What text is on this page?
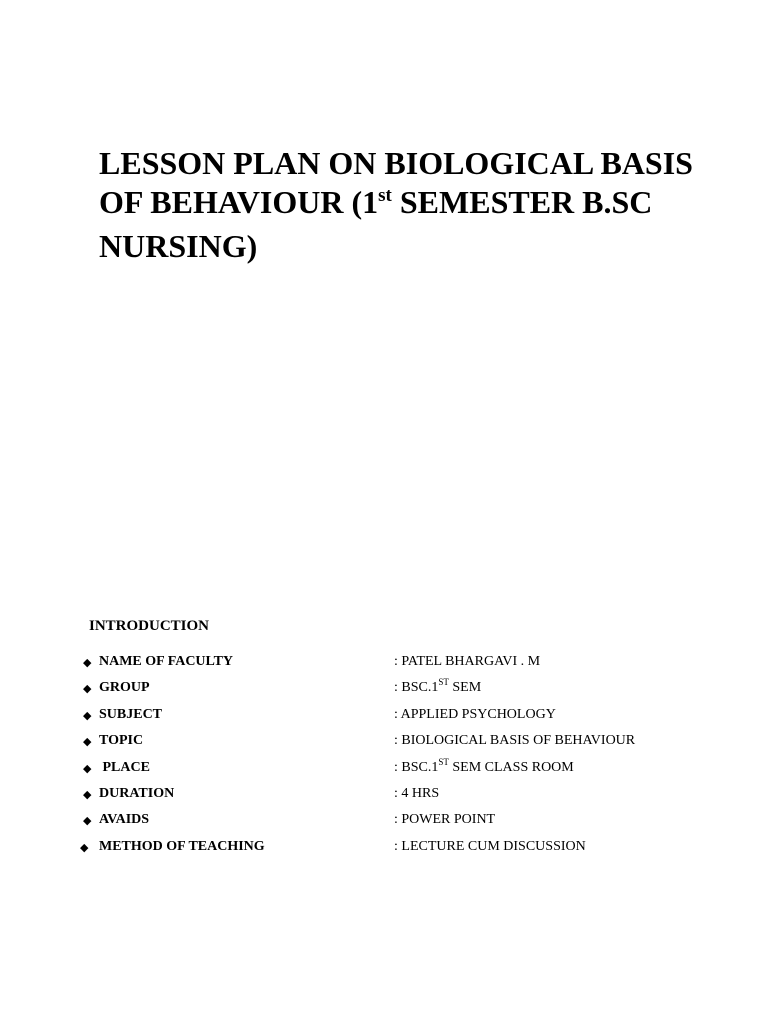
LESSON PLAN ON BIOLOGICAL BASIS OF BEHAVIOUR (1st SEMESTER B.SC NURSING)
INTRODUCTION
◆ NAME OF FACULTY	: PATEL BHARGAVI . M
◆ GROUP	: BSC.1ST SEM
◆ SUBJECT	: APPLIED PSYCHOLOGY
◆ TOPIC	: BIOLOGICAL BASIS OF BEHAVIOUR
◆ PLACE	: BSC.1ST SEM CLASS ROOM
◆ DURATION	: 4 HRS
◆ AVAIDS	: POWER POINT
◆ METHOD OF TEACHING	: LECTURE CUM DISCUSSION
